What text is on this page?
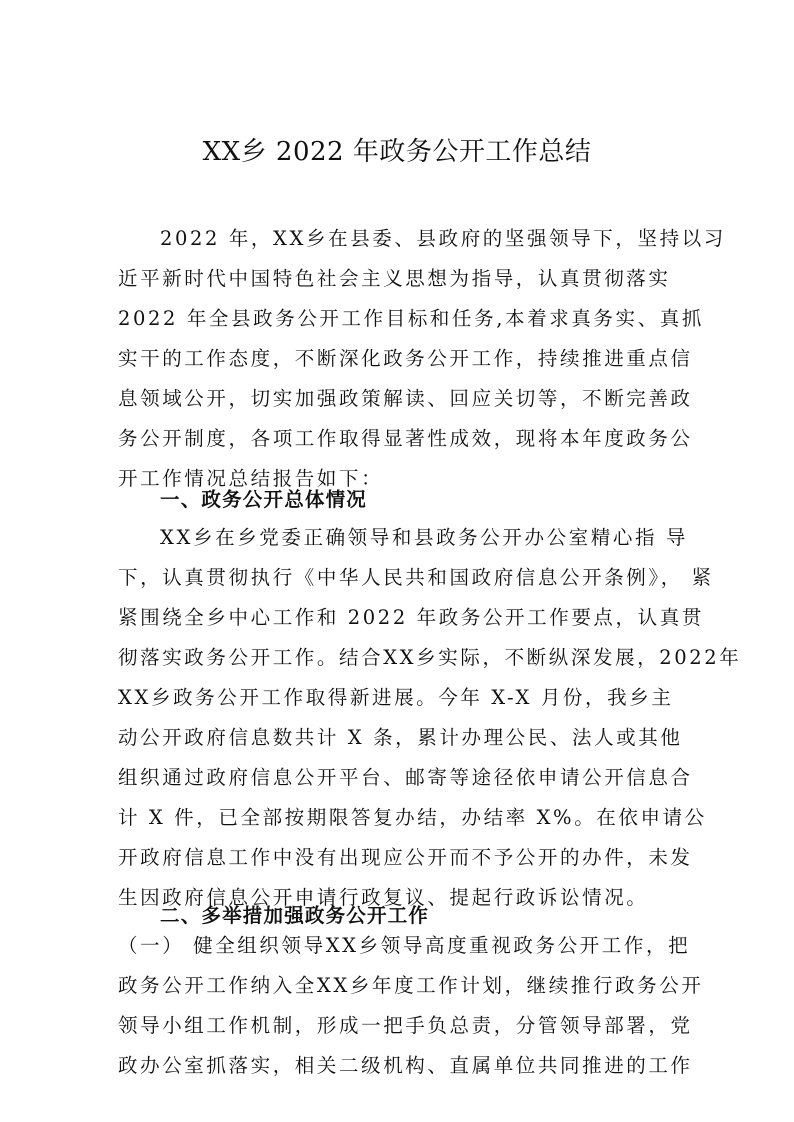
XX乡 2022 年政务公开工作总结
2022 年，XX乡在县委、县政府的坚强领导下，坚持以习
近平新时代中国特色社会主义思想为指导，认真贯彻落实
2022 年全县政务公开工作目标和任务,本着求真务实、真抓
实干的工作态度，不断深化政务公开工作，持续推进重点信
息领域公开，切实加强政策解读、回应关切等，不断完善政
务公开制度，各项工作取得显著性成效，现将本年度政务公
开工作情况总结报告如下：
一、政务公开总体情况
XX乡在乡党委正确领导和县政务公开办公室精心指 导
下，认真贯彻执行《中华人民共和国政府信息公开条例》， 紧
紧围绕全乡中心工作和 2022 年政务公开工作要点，认真贯
彻落实政务公开工作。结合XX乡实际，不断纵深发展，2022年
XX乡政务公开工作取得新进展。今年 X-X 月份，我乡主
动公开政府信息数共计 X 条，累计办理公民、法人或其他
组织通过政府信息公开平台、邮寄等途径依申请公开信息合
计 X 件，已全部按期限答复办结，办结率 X%。在依申请公
开政府信息工作中没有出现应公开而不予公开的办件，未发
生因政府信息公开申请行政复议、提起行政诉讼情况。
二、多举措加强政务公开工作
（一） 健全组织领导XX乡领导高度重视政务公开工作，把
政务公开工作纳入全XX乡年度工作计划，继续推行政务公开
领导小组工作机制，形成一把手负总责，分管领导部署，党
政办公室抓落实，相关二级机构、直属单位共同推进的工作
